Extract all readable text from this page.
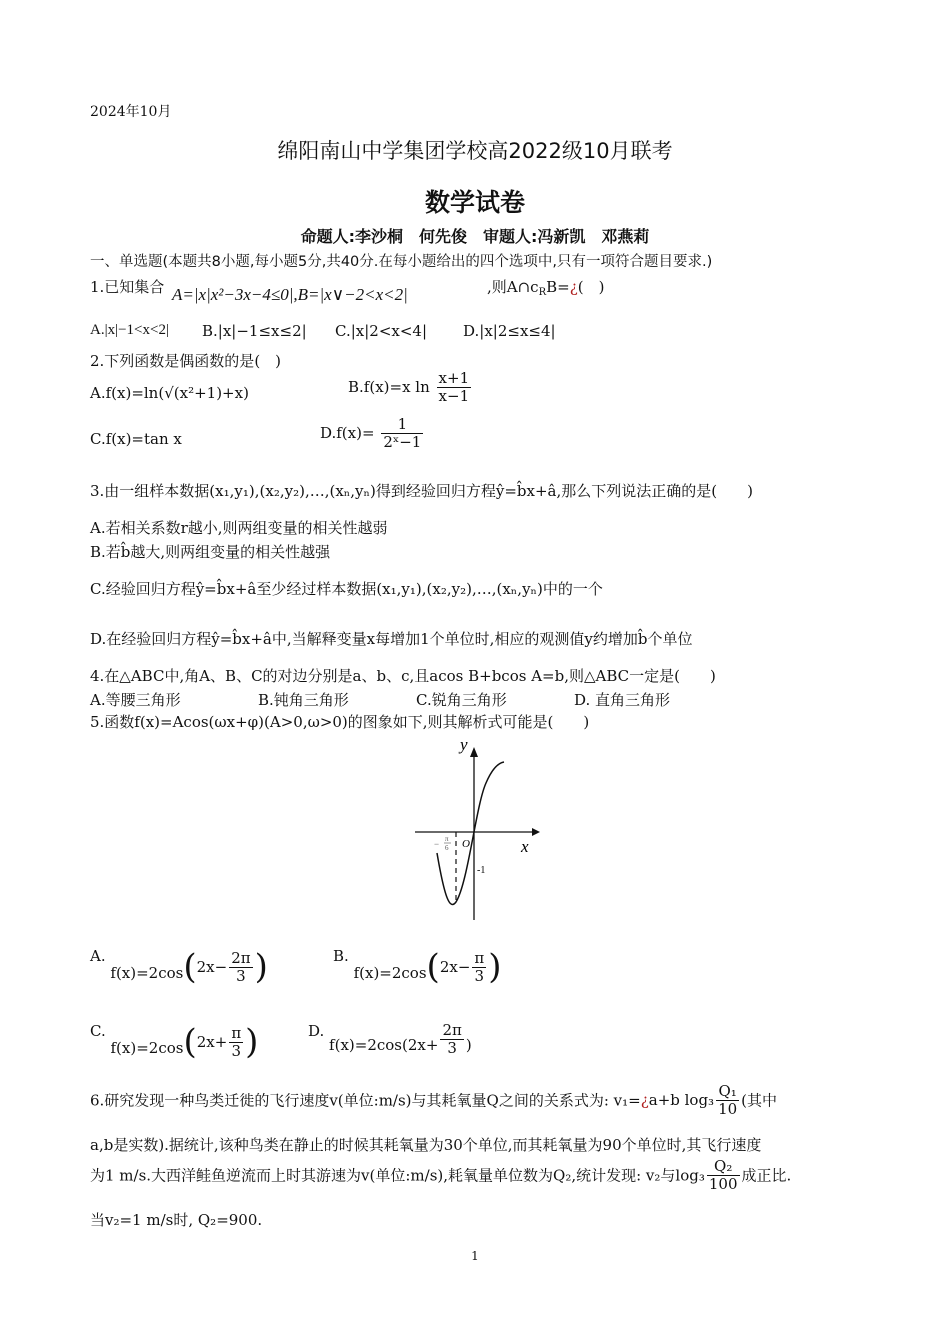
2024年10月
绵阳南山中学集团学校高2022级10月联考
数学试卷
命题人:李沙桐　何先俊　审题人:冯新凯　邓燕莉
一、单选题(本题共8小题,每小题5分,共40分.在每小题给出的四个选项中,只有一项符合题目要求.)
1.已知集合 A=|x|x²−3x−4≤0|,B=|x∨−2<x<2|	,则$A\cap c_RB=¿$(　)
A.|x|−1<x<2| B.|x|−1≤x≤2| C.|x|2<x<4| D.|x|2≤x≤4|
2.下列函数是偶函数的是(　)
A.f(x)=ln(√(x²+1)+x)	B.f(x)=x $\ln \frac{x+1}{x-1}$
C.f(x)=tan x	$D.f(x)= \frac{1}{\text{2ˣ−1}}$
3.由一组样本数据(x₁,y₁),(x₂,y₂),…,(xₙ,yₙ)得到经验回归方程ŷ=b̂x+â,那么下列说法正确的是(　　)
A.若相关系数r越小,则两组变量的相关性越弱
B.若b̂越大,则两组变量的相关性越强
C.经验回归方程ŷ=b̂x+â至少经过样本数据(x₁,y₁),(x₂,y₂),…,(xₙ,yₙ)中的一个
D.在经验回归方程ŷ=b̂x+â中,当解释变量x每增加1个单位时,相应的观测值y约增加b̂个单位
4.在△ABC中,角A、B、C的对边分别是a、b、c,且acos B+bcos A=b,则△ABC一定是(　　)
A.等腰三角形	B.钝角三角形	C.锐角三角形	D. 直角三角形
5.函数f(x)=Acos(ωx+φ)(A>0,ω>0)的图象如下,则其解析式可能是(　　)
y
x
O
-1
− π
6
A. $f(x)=2\cos(2x- \frac{2\pi}{3}$ )	B. $f(x)=2\cos(2x- \frac{\pi}{3}$ )
C. $f(x)=2\cos(2x+ \frac{\pi}{3}$ )	D. $f(x)=2\cos(2x+ \frac{2\pi}{3}$ )
6.研究发现一种鸟类迁徙的飞行速度v(单位:m/s)与其耗氧量Q之间的关系式为: v₁=¿a+b $\log_3 \frac{\text{Q₁}}{10}$ (其中
a,b是实数).据统计,该种鸟类在静止的时候其耗氧量为30个单位,而其耗氧量为90个单位时,其飞行速度
为1 m/s.大西洋鲑鱼逆流而上时其游速为v(单位:m/s),耗氧量单位数为Q₂,统计发现: v₂与$\log_3 \frac{\text{Q₂}}{100}$ 成正比.
当v₂=1 m/s时, Q₂=900.
1
